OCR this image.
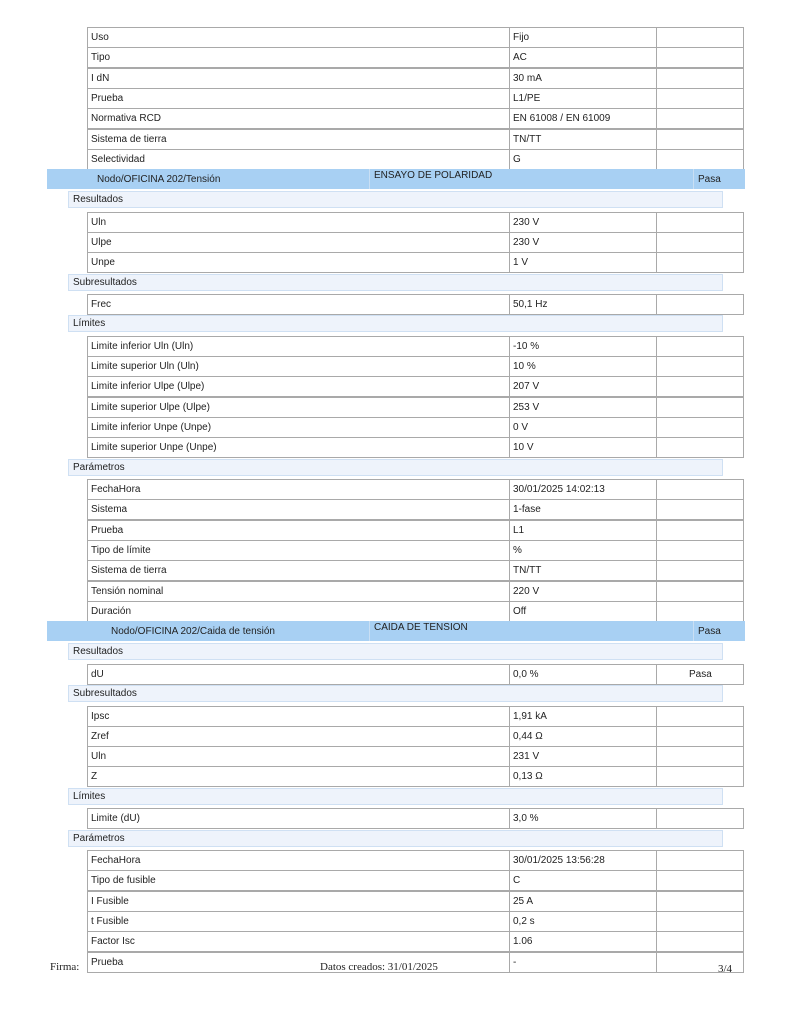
Uso	Fijo
Tipo	AC
I dN	30 mA
Prueba	L1/PE
Normativa RCD	EN 61008 / EN 61009
Sistema de tierra	TN/TT
Selectividad	G
Nodo/OFICINA 202/Tensión	ENSAYO DE POLARIDAD	Pasa
Resultados
Uln	230 V
Ulpe	230 V
Unpe	1 V
Subresultados
Frec	50,1 Hz
Límites
Limite inferior Uln (Uln)	-10 %
Limite superior Uln (Uln)	10 %
Limite inferior Ulpe (Ulpe)	207 V
Limite superior Ulpe (Ulpe)	253 V
Limite inferior Unpe (Unpe)	0 V
Limite superior Unpe (Unpe)	10 V
Parámetros
FechaHora	30/01/2025 14:02:13
Sistema	1-fase
Prueba	L1
Tipo de límite	%
Sistema de tierra	TN/TT
Tensión nominal	220 V
Duración	Off
Nodo/OFICINA 202/Caida de tensión	CAIDA DE TENSION	Pasa
Resultados
dU	0,0 %	Pasa
Subresultados
Ipsc	1,91 kA
Zref	0,44 Ω
Uln	231 V
Z	0,13 Ω
Límites
Limite (dU)	3,0 %
Parámetros
FechaHora	30/01/2025 13:56:28
Tipo de fusible	C
I Fusible	25 A
t Fusible	0,2 s
Factor Isc	1.06
Prueba	-
Firma:	Datos creados: 31/01/2025	3/4
